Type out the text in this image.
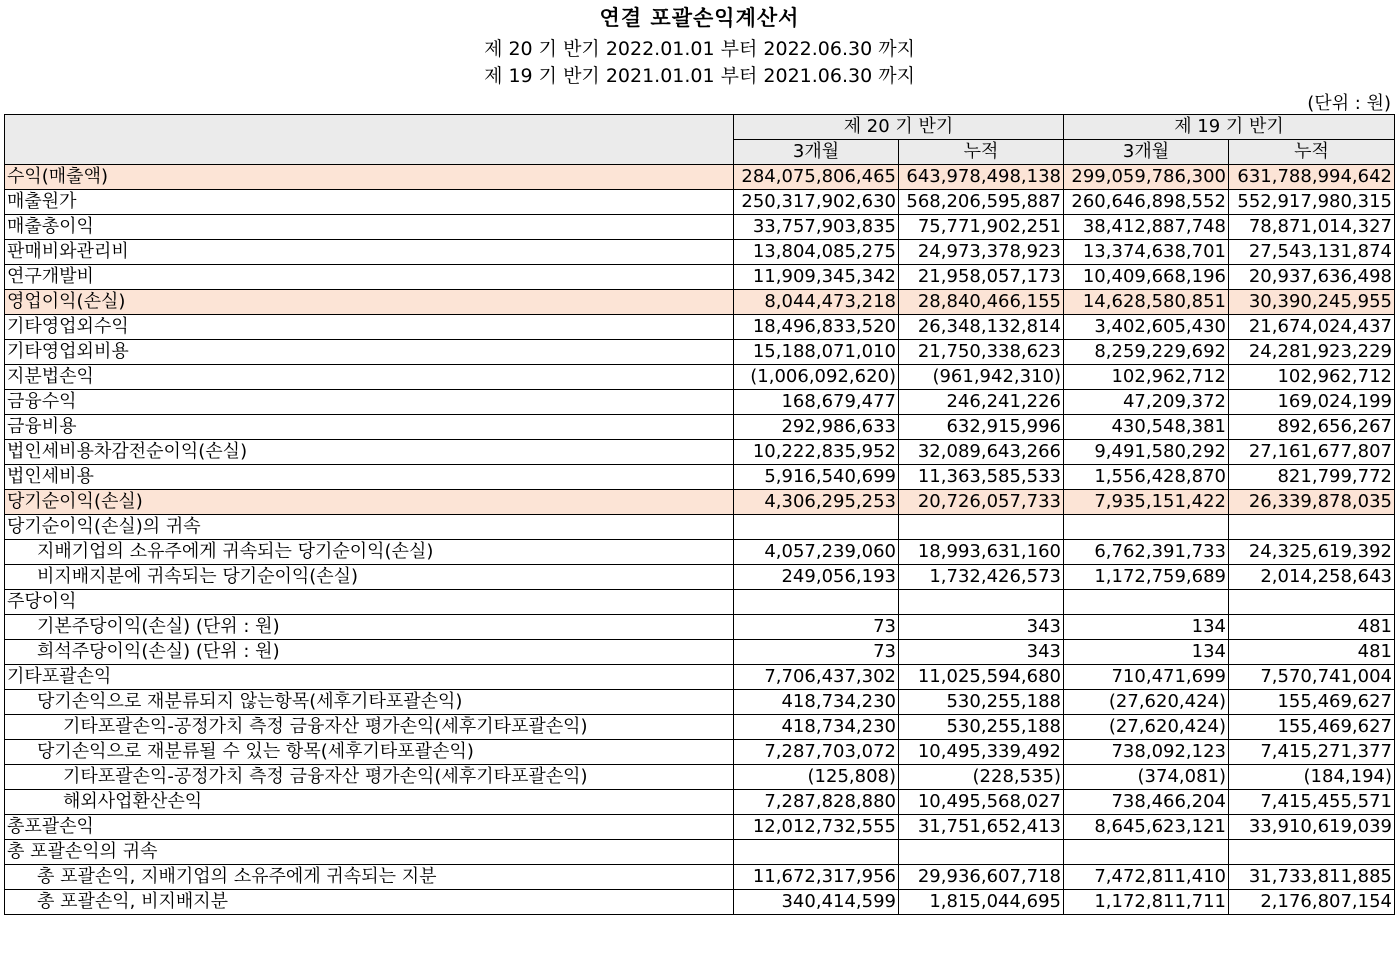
연결 포괄손익계산서
제 20 기 반기 2022.01.01 부터 2022.06.30 까지
제 19 기 반기 2021.01.01 부터 2021.06.30 까지
(단위 : 원)
	제 20 기 반기		제 19 기 반기	
	3개월	누적	3개월	누적
수익(매출액)	284,075,806,465	643,978,498,138	299,059,786,300	631,788,994,642
매출원가	250,317,902,630	568,206,595,887	260,646,898,552	552,917,980,315
매출총이익	33,757,903,835	75,771,902,251	38,412,887,748	78,871,014,327
판매비와관리비	13,804,085,275	24,973,378,923	13,374,638,701	27,543,131,874
연구개발비	11,909,345,342	21,958,057,173	10,409,668,196	20,937,636,498
영업이익(손실)	8,044,473,218	28,840,466,155	14,628,580,851	30,390,245,955
기타영업외수익	18,496,833,520	26,348,132,814	3,402,605,430	21,674,024,437
기타영업외비용	15,188,071,010	21,750,338,623	8,259,229,692	24,281,923,229
지분법손익	(1,006,092,620)	(961,942,310)	102,962,712	102,962,712
금융수익	168,679,477	246,241,226	47,209,372	169,024,199
금융비용	292,986,633	632,915,996	430,548,381	892,656,267
법인세비용차감전순이익(손실)	10,222,835,952	32,089,643,266	9,491,580,292	27,161,677,807
법인세비용	5,916,540,699	11,363,585,533	1,556,428,870	821,799,772
당기순이익(손실)	4,306,295,253	20,726,057,733	7,935,151,422	26,339,878,035
당기순이익(손실)의 귀속				
지배기업의 소유주에게 귀속되는 당기순이익(손실)	4,057,239,060	18,993,631,160	6,762,391,733	24,325,619,392
비지배지분에 귀속되는 당기순이익(손실)	249,056,193	1,732,426,573	1,172,759,689	2,014,258,643
주당이익				
기본주당이익(손실) (단위 : 원)	73	343	134	481
희석주당이익(손실) (단위 : 원)	73	343	134	481
기타포괄손익	7,706,437,302	11,025,594,680	710,471,699	7,570,741,004
당기손익으로 재분류되지 않는항목(세후기타포괄손익)	418,734,230	530,255,188	(27,620,424)	155,469,627
기타포괄손익-공정가치 측정 금융자산 평가손익(세후기타포괄손익)	418,734,230	530,255,188	(27,620,424)	155,469,627
당기손익으로 재분류될 수 있는 항목(세후기타포괄손익)	7,287,703,072	10,495,339,492	738,092,123	7,415,271,377
기타포괄손익-공정가치 측정 금융자산 평가손익(세후기타포괄손익)	(125,808)	(228,535)	(374,081)	(184,194)
해외사업환산손익	7,287,828,880	10,495,568,027	738,466,204	7,415,455,571
총포괄손익	12,012,732,555	31,751,652,413	8,645,623,121	33,910,619,039
총 포괄손익의 귀속				
총 포괄손익, 지배기업의 소유주에게 귀속되는 지분	11,672,317,956	29,936,607,718	7,472,811,410	31,733,811,885
총 포괄손익, 비지배지분	340,414,599	1,815,044,695	1,172,811,711	2,176,807,154
